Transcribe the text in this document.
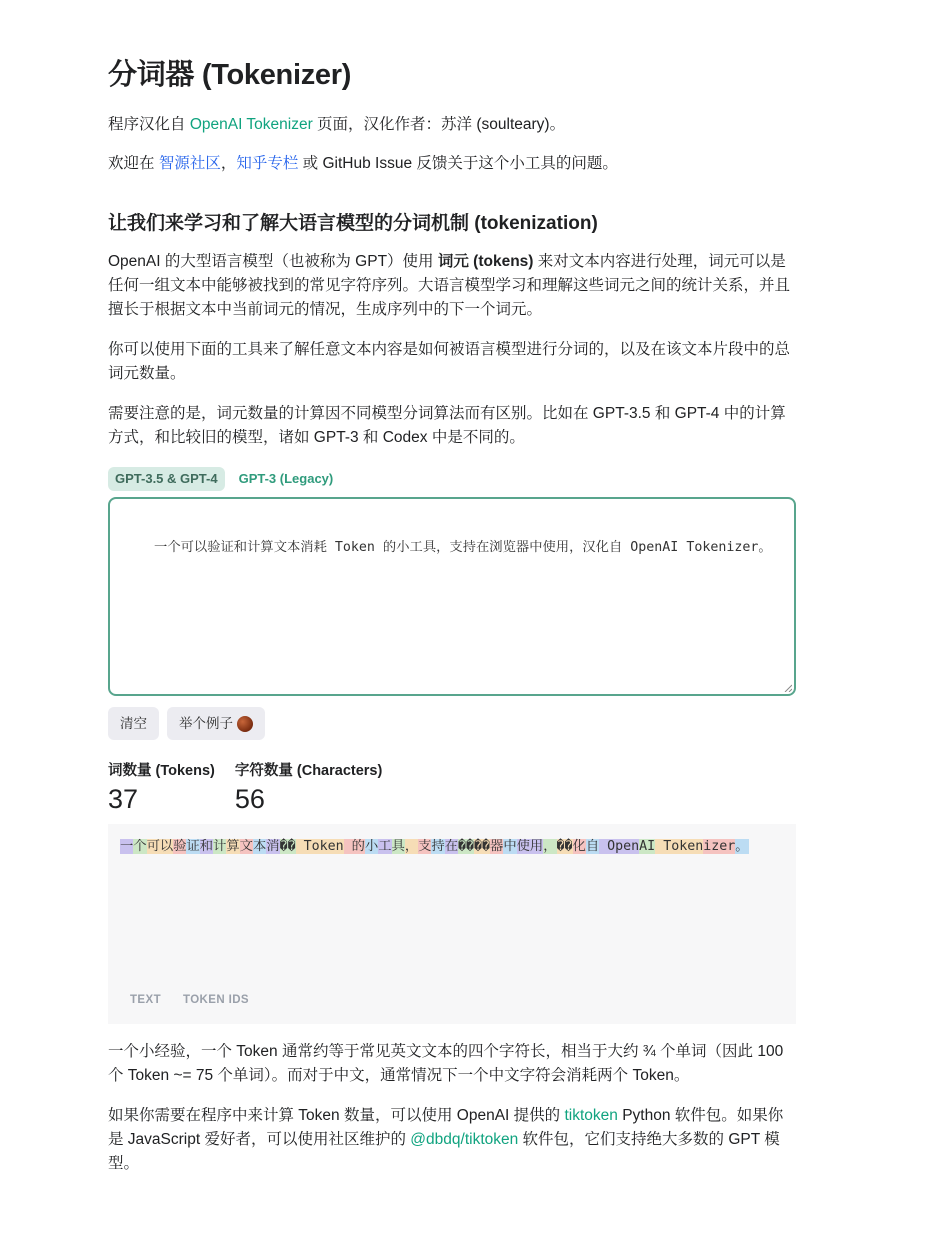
分词器 (Tokenizer)

程序汉化自 OpenAI Tokenizer 页面，汉化作者：苏洋 (soulteary)。

欢迎在 智源社区，知乎专栏 或 GitHub Issue 反馈关于这个小工具的问题。

让我们来学习和了解大语言模型的分词机制 (tokenization)

OpenAI 的大型语言模型（也被称为 GPT）使用 词元 (tokens) 来对文本内容进行处理，词元可以是任何一组文本中能够被找到的常见字符序列。大语言模型学习和理解这些词元之间的统计关系，并且擅长于根据文本中当前词元的情况，生成序列中的下一个词元。

你可以使用下面的工具来了解任意文本内容是如何被语言模型进行分词的，以及在该文本片段中的总词元数量。

需要注意的是，词元数量的计算因不同模型分词算法而有区别。比如在 GPT-3.5 和 GPT-4 中的计算方式，和比较旧的模型，诸如 GPT-3 和 Codex 中是不同的。

GPT-3.5 & GPT-4	GPT-3 (Legacy)

一个可以验证和计算文本消耗 Token 的小工具，支持在浏览器中使用，汉化自 OpenAI Tokenizer。

清空 举个例子
词数量 (Tokens)
37
字符数量 (Characters)
56
一个可以验证和计算文本消�� Token 的小工具，支持在����器中使用，��化自 OpenAI Tokenizer。
TEXT TOKEN IDS

一个小经验，一个 Token 通常约等于常见英文文本的四个字符长，相当于大约 ¾ 个单词（因此 100 个 Token ~= 75 个单词）。而对于中文，通常情况下一个中文字符会消耗两个 Token。

如果你需要在程序中来计算 Token 数量，可以使用 OpenAI 提供的 tiktoken Python 软件包。如果你是 JavaScript 爱好者，可以使用社区维护的 @dbdq/tiktoken 软件包，它们支持绝大多数的 GPT 模型。
